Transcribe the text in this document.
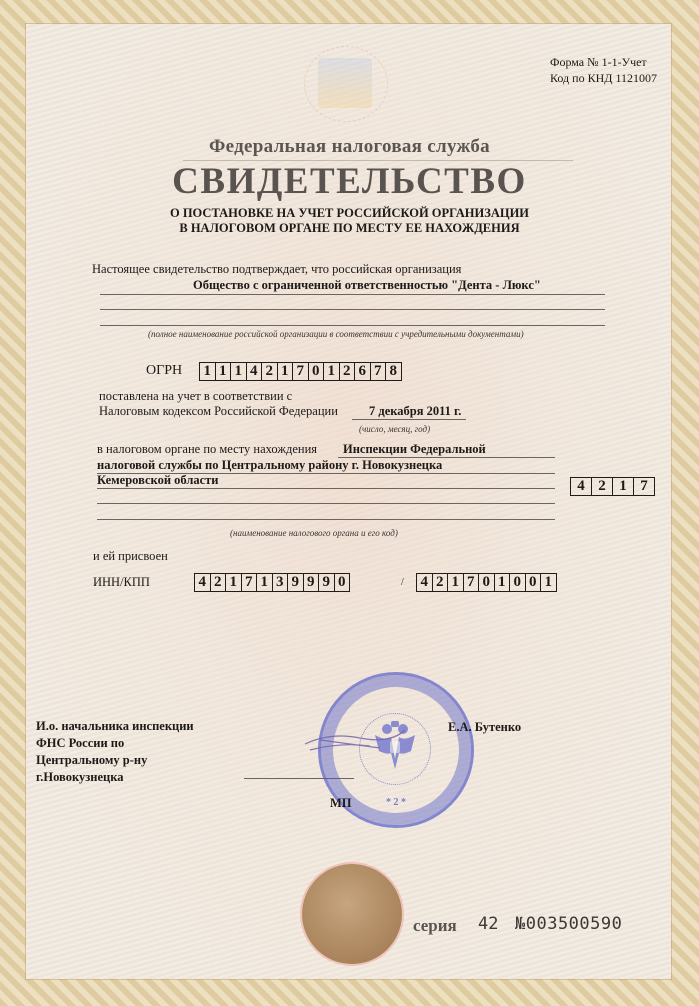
Форма № 1-1-Учет
Код по КНД 1121007
Федеральная налоговая служба
СВИДЕТЕЛЬСТВО
О ПОСТАНОВКЕ НА УЧЕТ РОССИЙСКОЙ ОРГАНИЗАЦИИ
В НАЛОГОВОМ ОРГАНЕ ПО МЕСТУ ЕЕ НАХОЖДЕНИЯ
Настоящее свидетельство подтверждает, что российская организация
Общество с ограниченной ответственностью "Дента - Люкс"
(полное наименование российской организации в соответствии с учредительными документами)
ОГРН 1 1 1 4 2 1 7 0 1 2 6 7 8
поставлена на учет в соответствии с
Налоговым кодексом Российской Федерации 7 декабря 2011 г.
(число, месяц, год)
в налоговом органе по месту нахождения Инспекции Федеральной
налоговой службы по Центральному району г. Новокузнецка
Кемеровской области
(наименование налогового органа и его код)
4 2 1 7
и ей присвоен
ИНН/КПП	4 2 1 7 1 3 9 9 9 0	/ 4 2 1 7 0 1 0 0 1
И.о. начальника инспекции
ФНС России по
Центральному р-ну
г.Новокузнецка
* 2 *
Е.А. Бутенко
МП
серия 42 №003500590
